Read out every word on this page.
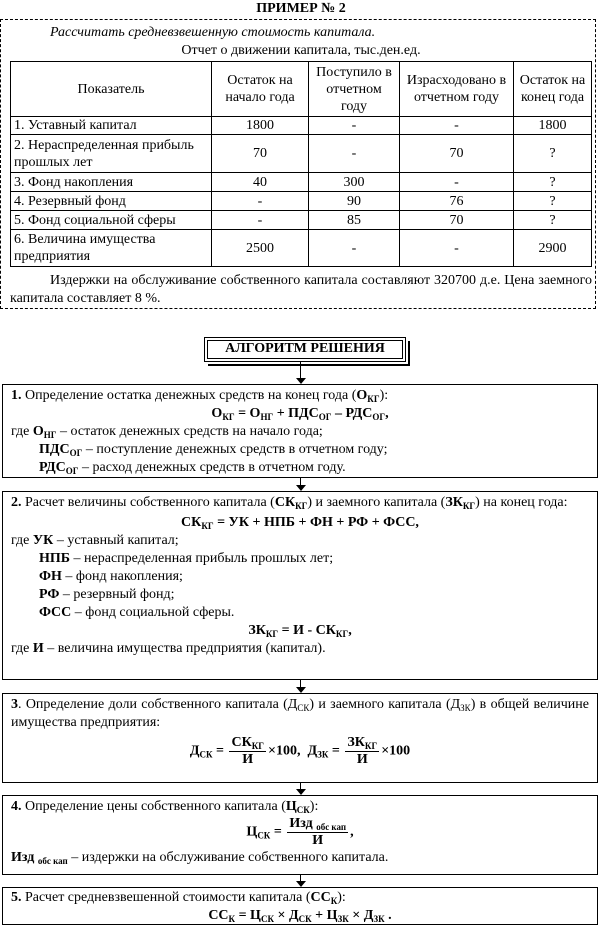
ПРИМЕР № 2
Рассчитать средневзвешенную стоимость капитала.
Отчет о движении капитала, тыс.ден.ед.
Показатель	Остаток на начало года	Поступило в отчетном году	Израсходовано в отчетном году	Остаток на конец года
1. Уставный капитал	1800	-	-	1800
2. Нераспределенная прибыль прошлых лет	70	-	70	?
3. Фонд накопления	40	300	-	?
4. Резервный фонд	-	90	76	?
5. Фонд социальной сферы	-	85	70	?
6. Величина имущества предприятия	2500	-	-	2900
Издержки на обслуживание собственного капитала составляют 320700 д.е. Цена заемного капитала составляет 8 %.
АЛГОРИТМ РЕШЕНИЯ
1. Определение остатка денежных средств на конец года $(О_{КГ})$:
$О_{КГ} = О_{НГ} + ПДС_{ОГ} - РДС_{ОГ}$,
где $О_{НГ}$ – остаток денежных средств на начало года;
$ПДС_{ОГ}$ – поступление денежных средств в отчетном году;
$РДС_{ОГ}$ – расход денежных средств в отчетном году.
2. Расчет величины собственного капитала $(СК_{КГ})$ и заемного капитала $(ЗК_{КГ})$ на конец года:
$СК_{КГ}$ = УК + НПБ + ФН + РФ + ФСС,
где УК – уставный капитал;
НПБ – нераспределенная прибыль прошлых лет;
ФН – фонд накопления;
РФ – резервный фонд;
ФСС – фонд социальной сферы.
$ЗК_{КГ} = И - СК_{КГ}$,
где И – величина имущества предприятия (капитал).
3. Определение доли собственного капитала $(Д_{СК})$ и заемного капитала $(Д_{ЗК})$ в общей величине имущества предприятия:
$Д_{СК} = \frac{СК_{КГ}}{И} \times 100$,  $Д_{ЗК} = \frac{ЗК_{КГ}}{И} \times 100$
4. Определение цены собственного капитала $(Ц_{СК})$:
$Ц_{СК} = \frac{Изд _{обс кап}}{И}$ ,
Изд $_{обс кап}$ – издержки на обслуживание собственного капитала.
5. Расчет средневзвешенной стоимости капитала $(СС_К)$:
$СС_К = Ц_{СК} \times Д_{СК} + Ц_{ЗК} \times Д_{ЗК}$ .
